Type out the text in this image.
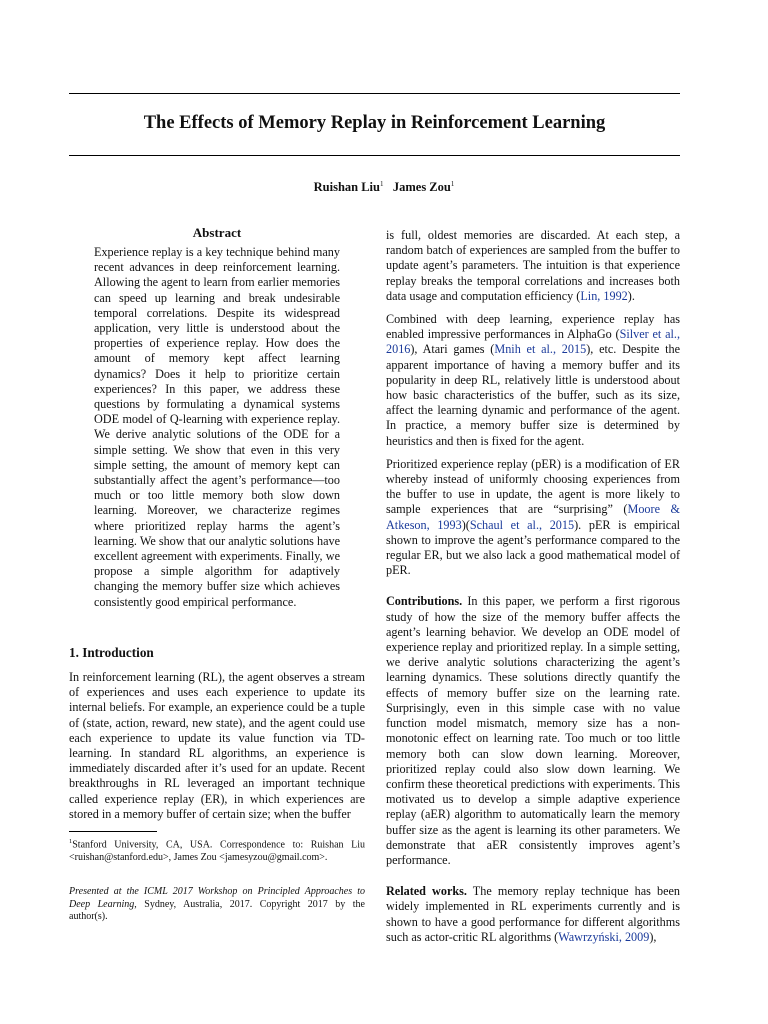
The Effects of Memory Replay in Reinforcement Learning
Ruishan Liu$^1$ James Zou$^1$
Abstract
Experience replay is a key technique behind many recent advances in deep reinforcement learning. Allowing the agent to learn from earlier memories can speed up learning and break undesirable temporal correlations. Despite its widespread application, very little is understood about the properties of experience replay. How does the amount of memory kept affect learning dynamics? Does it help to prioritize certain experiences? In this paper, we address these questions by formulating a dynamical systems ODE model of Q-learning with experience replay. We derive analytic solutions of the ODE for a simple setting. We show that even in this very simple setting, the amount of memory kept can substantially affect the agent’s performance—too much or too little memory both slow down learning. Moreover, we characterize regimes where prioritized replay harms the agent’s learning. We show that our analytic solutions have excellent agreement with experiments. Finally, we propose a simple algorithm for adaptively changing the memory buffer size which achieves consistently good empirical performance.
1. Introduction

In reinforcement learning (RL), the agent observes a stream of experiences and uses each experience to update its internal beliefs. For example, an experience could be a tuple of (state, action, reward, new state), and the agent could use each experience to update its value function via TD-learning. In standard RL algorithms, an experience is immediately discarded after it’s used for an update. Recent breakthroughs in RL leveraged an important technique called experience replay (ER), in which experiences are stored in a memory buffer of certain size; when the buffer

$^1$Stanford University, CA, USA. Correspondence to: Ruishan Liu <ruishan@stanford.edu>, James Zou <jamesyzou@gmail.com>.
Presented at the ICML 2017 Workshop on Principled Approaches to Deep Learning, Sydney, Australia, 2017. Copyright 2017 by the author(s).

is full, oldest memories are discarded. At each step, a random batch of experiences are sampled from the buffer to update agent’s parameters. The intuition is that experience replay breaks the temporal correlations and increases both data usage and computation efficiency (Lin, 1992).

Combined with deep learning, experience replay has enabled impressive performances in AlphaGo (Silver et al., 2016), Atari games (Mnih et al., 2015), etc. Despite the apparent importance of having a memory buffer and its popularity in deep RL, relatively little is understood about how basic characteristics of the buffer, such as its size, affect the learning dynamic and performance of the agent. In practice, a memory buffer size is determined by heuristics and then is fixed for the agent.

Prioritized experience replay (pER) is a modification of ER whereby instead of uniformly choosing experiences from the buffer to use in update, the agent is more likely to sample experiences that are “surprising” (Moore & Atkeson, 1993)(Schaul et al., 2015). pER is empirical shown to improve the agent’s performance compared to the regular ER, but we also lack a good mathematical model of pER.

Contributions. In this paper, we perform a first rigorous study of how the size of the memory buffer affects the agent’s learning behavior. We develop an ODE model of experience replay and prioritized replay. In a simple setting, we derive analytic solutions characterizing the agent’s learning dynamics. These solutions directly quantify the effects of memory buffer size on the learning rate. Surprisingly, even in this simple case with no value function model mismatch, memory size has a non-monotonic effect on learning rate. Too much or too little memory both can slow down learning. Moreover, prioritized replay could also slow down learning. We confirm these theoretical predictions with experiments. This motivated us to develop a simple adaptive experience replay (aER) algorithm to automatically learn the memory buffer size as the agent is learning its other parameters. We demonstrate that aER consistently improves agent’s performance.

Related works. The memory replay technique has been widely implemented in RL experiments currently and is shown to have a good performance for different algorithms such as actor-critic RL algorithms (Wawrzyński, 2009),
